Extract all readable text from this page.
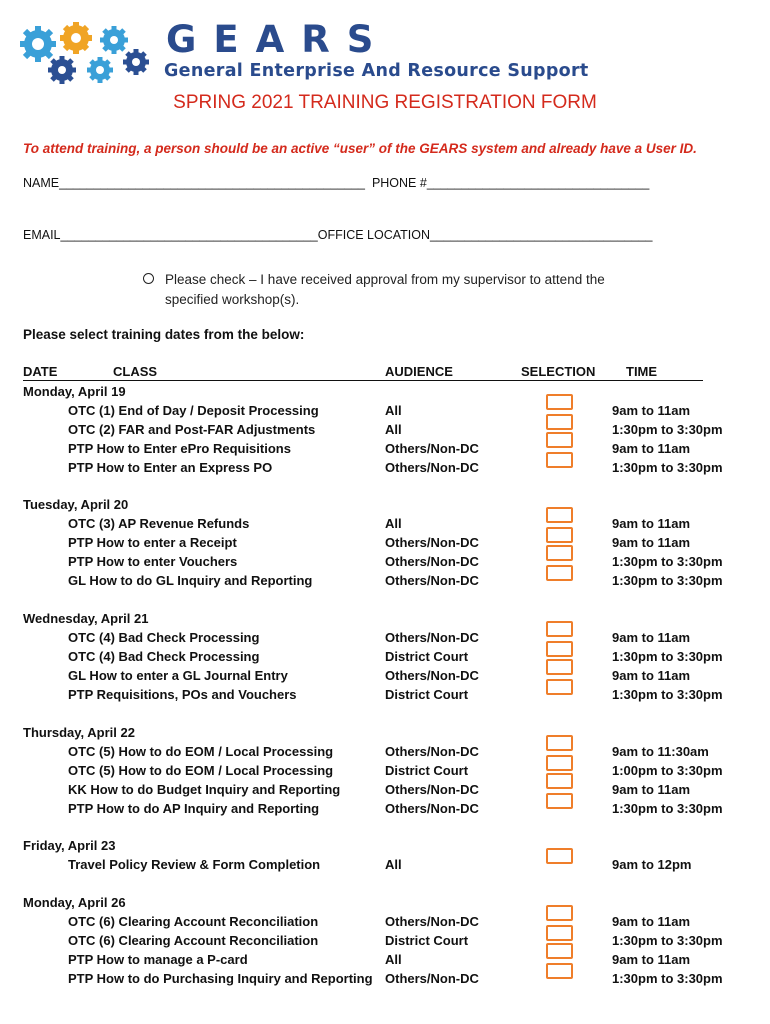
GEARS
General Enterprise And Resource Support
SPRING 2021 TRAINING REGISTRATION FORM
To attend training, a person should be an active “user” of the GEARS system and already have a User ID.
NAME____________________________________________  PHONE #________________________________
EMAIL_____________________________________OFFICE LOCATION________________________________
Please check – I have received approval from my supervisor to attend the specified workshop(s).
Please select training dates from the below:
DATE	CLASS	AUDIENCE	SELECTION TIME
Monday, April 19
OTC (1) End of Day / Deposit Processing	All	9am to 11am
OTC (2) FAR and Post-FAR Adjustments	All	1:30pm to 3:30pm
PTP How to Enter ePro Requisitions	Others/Non-DC	9am to 11am
PTP How to Enter an Express PO	Others/Non-DC	1:30pm to 3:30pm
Tuesday, April 20
OTC (3) AP Revenue Refunds	All	9am to 11am
PTP How to enter a Receipt	Others/Non-DC	9am to 11am
PTP How to enter Vouchers	Others/Non-DC	1:30pm to 3:30pm
GL How to do GL Inquiry and Reporting	Others/Non-DC	1:30pm to 3:30pm
Wednesday, April 21
OTC (4) Bad Check Processing	Others/Non-DC	9am to 11am
OTC (4) Bad Check Processing	District Court	1:30pm to 3:30pm
GL How to enter a GL Journal Entry	Others/Non-DC	9am to 11am
PTP Requisitions, POs and Vouchers	District Court	1:30pm to 3:30pm
Thursday, April 22
OTC (5) How to do EOM / Local Processing	Others/Non-DC	9am to 11:30am
OTC (5) How to do EOM / Local Processing	District Court	1:00pm to 3:30pm
KK How to do Budget Inquiry and Reporting	Others/Non-DC	9am to 11am
PTP How to do AP Inquiry and Reporting	Others/Non-DC	1:30pm to 3:30pm
Friday, April 23
Travel Policy Review & Form Completion	All	9am to 12pm
Monday, April 26
OTC (6) Clearing Account Reconciliation	Others/Non-DC	9am to 11am
OTC (6) Clearing Account Reconciliation	District Court	1:30pm to 3:30pm
PTP How to manage a P-card	All	9am to 11am
PTP How to do Purchasing Inquiry and Reporting Others/Non-DC	1:30pm to 3:30pm
